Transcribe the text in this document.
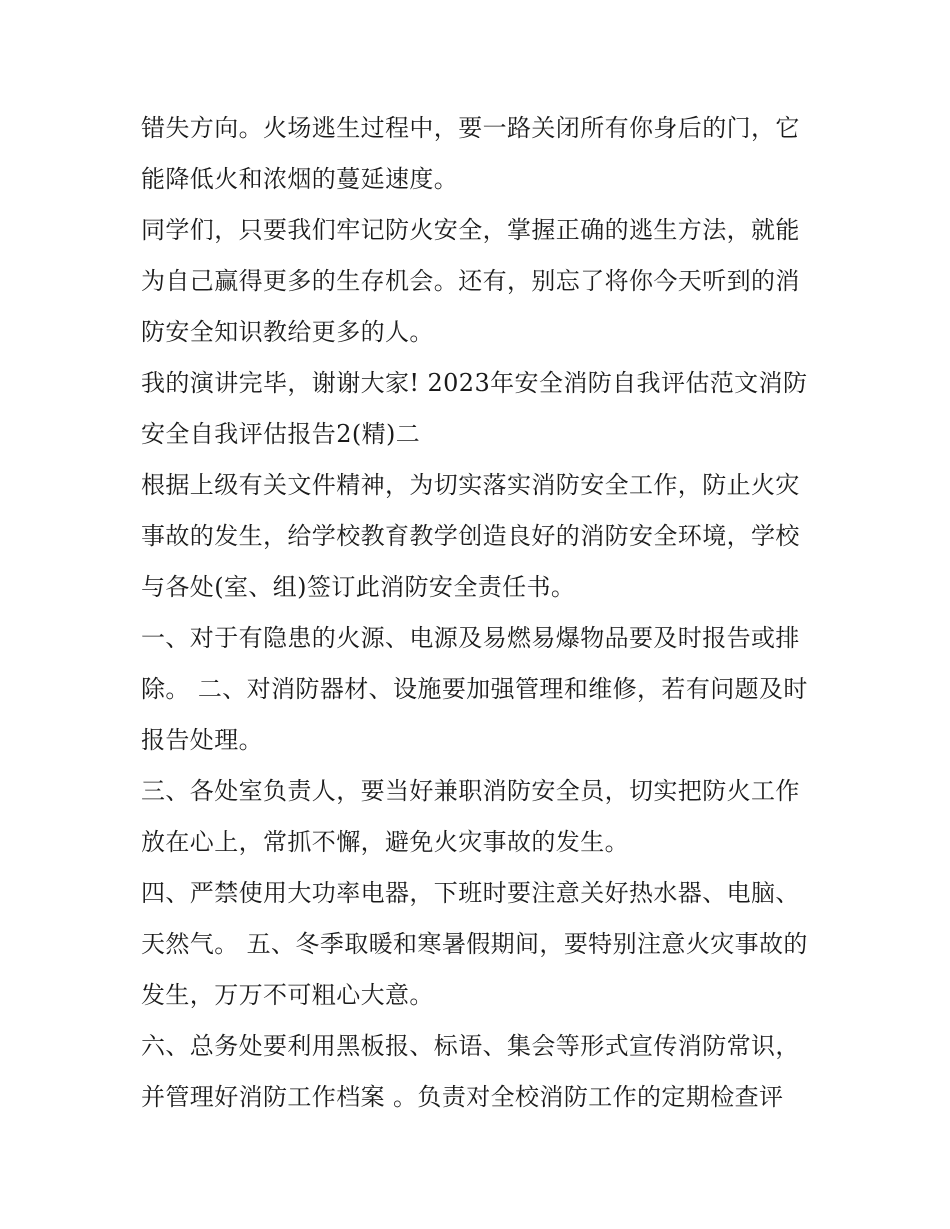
错失方向。火场逃生过程中，要一路关闭所有你身后的门，它能降低火和浓烟的蔓延速度。

同学们，只要我们牢记防火安全，掌握正确的逃生方法，就能为自己赢得更多的生存机会。还有，别忘了将你今天听到的消防安全知识教给更多的人。

我的演讲完毕，谢谢大家! 2023年安全消防自我评估范文消防安全自我评估报告2(精)二

根据上级有关文件精神，为切实落实消防安全工作，防止火灾事故的发生，给学校教育教学创造良好的消防安全环境，学校与各处(室、组)签订此消防安全责任书。

一、对于有隐患的火源、电源及易燃易爆物品要及时报告或排除。 二、对消防器材、设施要加强管理和维修，若有问题及时报告处理。

三、各处室负责人，要当好兼职消防安全员，切实把防火工作放在心上，常抓不懈，避免火灾事故的发生。

四、严禁使用大功率电器，下班时要注意关好热水器、电脑、天然气。 五、冬季取暖和寒暑假期间，要特别注意火灾事故的发生，万万不可粗心大意。

六、总务处要利用黑板报、标语、集会等形式宣传消防常识，并管理好消防工作档案 。负责对全校消防工作的定期检查评
